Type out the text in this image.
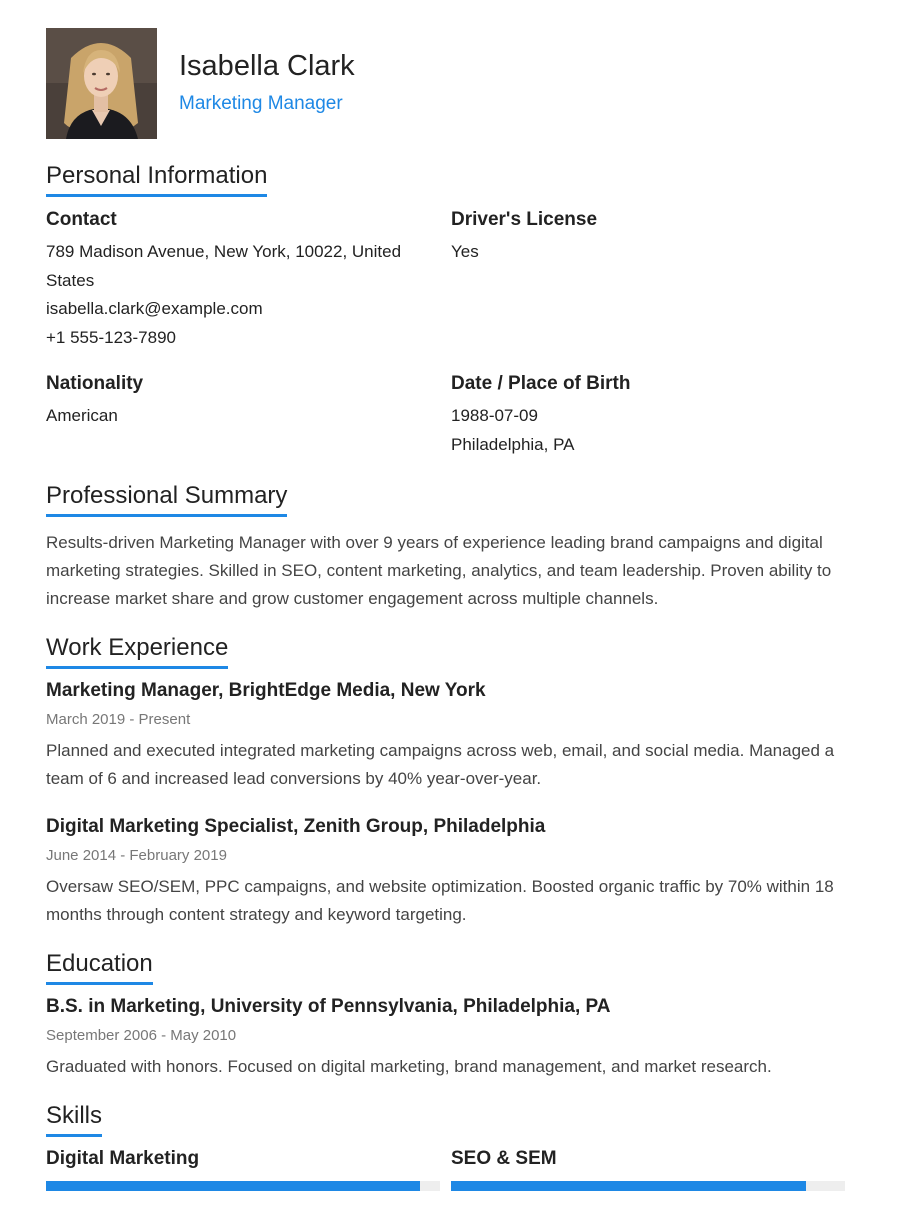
Isabella Clark
Marketing Manager
Personal Information
Contact
789 Madison Avenue, New York, 10022, United States
isabella.clark@example.com
+1 555-123-7890
Driver's License
Yes
Nationality
American
Date / Place of Birth
1988-07-09
Philadelphia, PA
Professional Summary
Results-driven Marketing Manager with over 9 years of experience leading brand campaigns and digital marketing strategies. Skilled in SEO, content marketing, analytics, and team leadership. Proven ability to increase market share and grow customer engagement across multiple channels.
Work Experience
Marketing Manager, BrightEdge Media, New York
March 2019 - Present
Planned and executed integrated marketing campaigns across web, email, and social media. Managed a team of 6 and increased lead conversions by 40% year-over-year.
Digital Marketing Specialist, Zenith Group, Philadelphia
June 2014 - February 2019
Oversaw SEO/SEM, PPC campaigns, and website optimization. Boosted organic traffic by 70% within 18 months through content strategy and keyword targeting.
Education
B.S. in Marketing, University of Pennsylvania, Philadelphia, PA
September 2006 - May 2010
Graduated with honors. Focused on digital marketing, brand management, and market research.
Skills
Digital Marketing	SEO & SEM
